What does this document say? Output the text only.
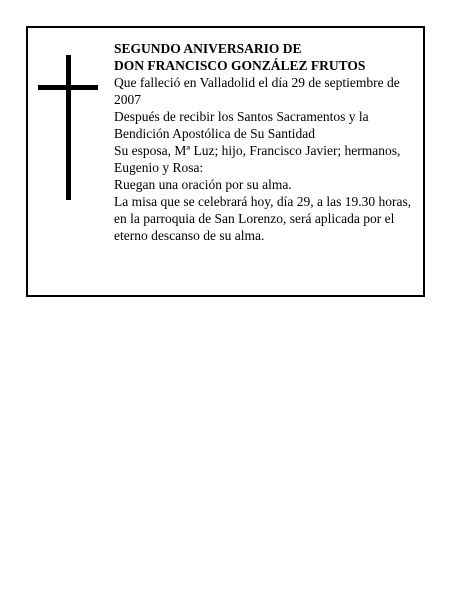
SEGUNDO ANIVERSARIO DE

DON FRANCISCO GONZÁLEZ FRUTOS

Que falleció en Valladolid el día 29 de septiembre de 2007

Después de recibir los Santos Sacramentos y la Bendición Apostólica de Su Santidad

Su esposa, Mª Luz; hijo, Francisco Javier; hermanos, Eugenio y Rosa:

Ruegan una oración por su alma.

La misa que se celebrará hoy, día 29, a las 19.30 horas, en la parroquia de San Lorenzo, será aplicada por el eterno descanso de su alma.
